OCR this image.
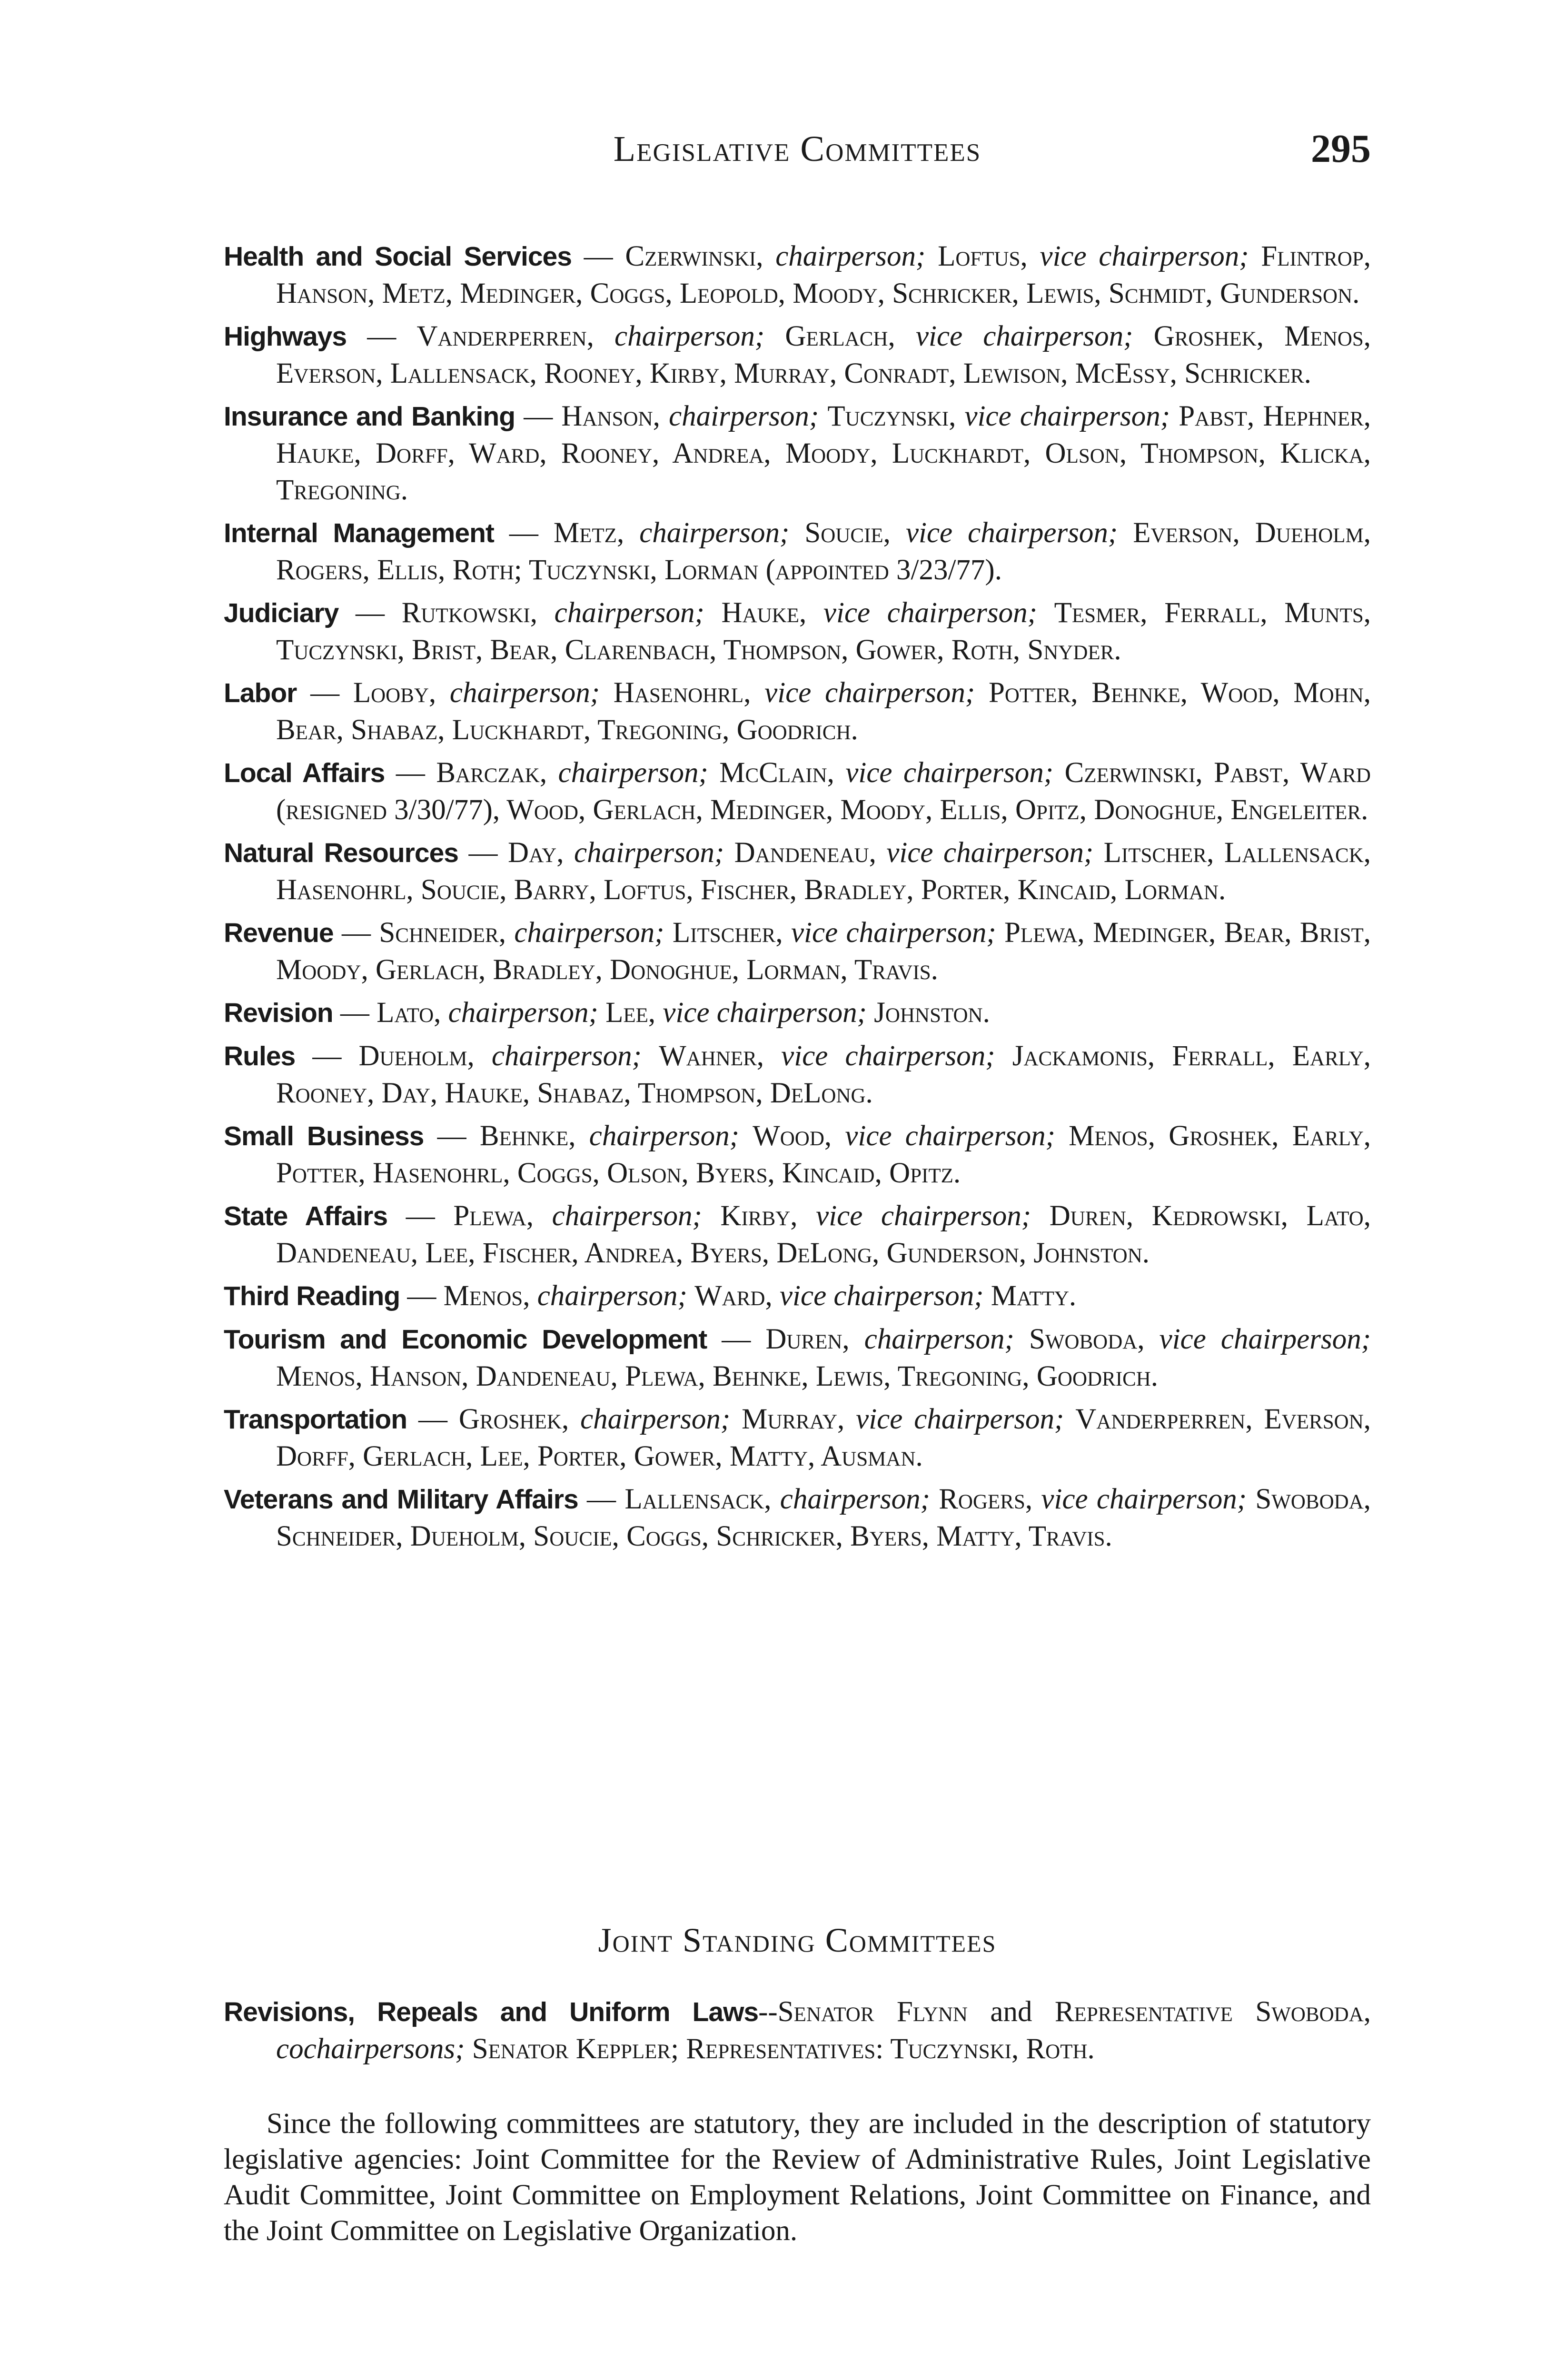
Legislative Committees	295
Health and Social Services — Czerwinski, chairperson; Loftus, vice chairperson; Flintrop, Hanson, Metz, Medinger, Coggs, Leopold, Moody, Schricker, Lewis, Schmidt, Gunderson.
Highways — Vanderperren, chairperson; Gerlach, vice chairperson; Groshek, Menos, Everson, Lallensack, Rooney, Kirby, Murray, Conradt, Lewison, McEssy, Schricker.
Insurance and Banking — Hanson, chairperson; Tuczynski, vice chairperson; Pabst, Hephner, Hauke, Dorff, Ward, Rooney, Andrea, Moody, Luckhardt, Olson, Thompson, Klicka, Tregoning.
Internal Management — Metz, chairperson; Soucie, vice chairperson; Everson, Dueholm, Rogers, Ellis, Roth; Tuczynski, Lorman (appointed 3/23/77).
Judiciary — Rutkowski, chairperson; Hauke, vice chairperson; Tesmer, Ferrall, Munts, Tuczynski, Brist, Bear, Clarenbach, Thompson, Gower, Roth, Snyder.
Labor — Looby, chairperson; Hasenohrl, vice chairperson; Potter, Behnke, Wood, Mohn, Bear, Shabaz, Luckhardt, Tregoning, Goodrich.
Local Affairs — Barczak, chairperson; McClain, vice chairperson; Czerwinski, Pabst, Ward (resigned 3/30/77), Wood, Gerlach, Medinger, Moody, Ellis, Opitz, Donoghue, Engeleiter.
Natural Resources — Day, chairperson; Dandeneau, vice chairperson; Litscher, Lallensack, Hasenohrl, Soucie, Barry, Loftus, Fischer, Bradley, Porter, Kincaid, Lorman.
Revenue — Schneider, chairperson; Litscher, vice chairperson; Plewa, Medinger, Bear, Brist, Moody, Gerlach, Bradley, Donoghue, Lorman, Travis.
Revision — Lato, chairperson; Lee, vice chairperson; Johnston.
Rules — Dueholm, chairperson; Wahner, vice chairperson; Jackamonis, Ferrall, Early, Rooney, Day, Hauke, Shabaz, Thompson, DeLong.
Small Business — Behnke, chairperson; Wood, vice chairperson; Menos, Groshek, Early, Potter, Hasenohrl, Coggs, Olson, Byers, Kincaid, Opitz.
State Affairs — Plewa, chairperson; Kirby, vice chairperson; Duren, Kedrowski, Lato, Dandeneau, Lee, Fischer, Andrea, Byers, DeLong, Gunderson, Johnston.
Third Reading — Menos, chairperson; Ward, vice chairperson; Matty.
Tourism and Economic Development — Duren, chairperson; Swoboda, vice chairperson; Menos, Hanson, Dandeneau, Plewa, Behnke, Lewis, Tregoning, Goodrich.
Transportation — Groshek, chairperson; Murray, vice chairperson; Vanderperren, Everson, Dorff, Gerlach, Lee, Porter, Gower, Matty, Ausman.
Veterans and Military Affairs — Lallensack, chairperson; Rogers, vice chairperson; Swoboda, Schneider, Dueholm, Soucie, Coggs, Schricker, Byers, Matty, Travis.
Joint Standing Committees
Revisions, Repeals and Uniform Laws--Senator Flynn and Representative Swoboda, cochairpersons; Senator Keppler; Representatives: Tuczynski, Roth.
Since the following committees are statutory, they are included in the description of statutory legislative agencies: Joint Committee for the Review of Administrative Rules, Joint Legislative Audit Committee, Joint Committee on Employment Relations, Joint Committee on Finance, and the Joint Committee on Legislative Organization.
